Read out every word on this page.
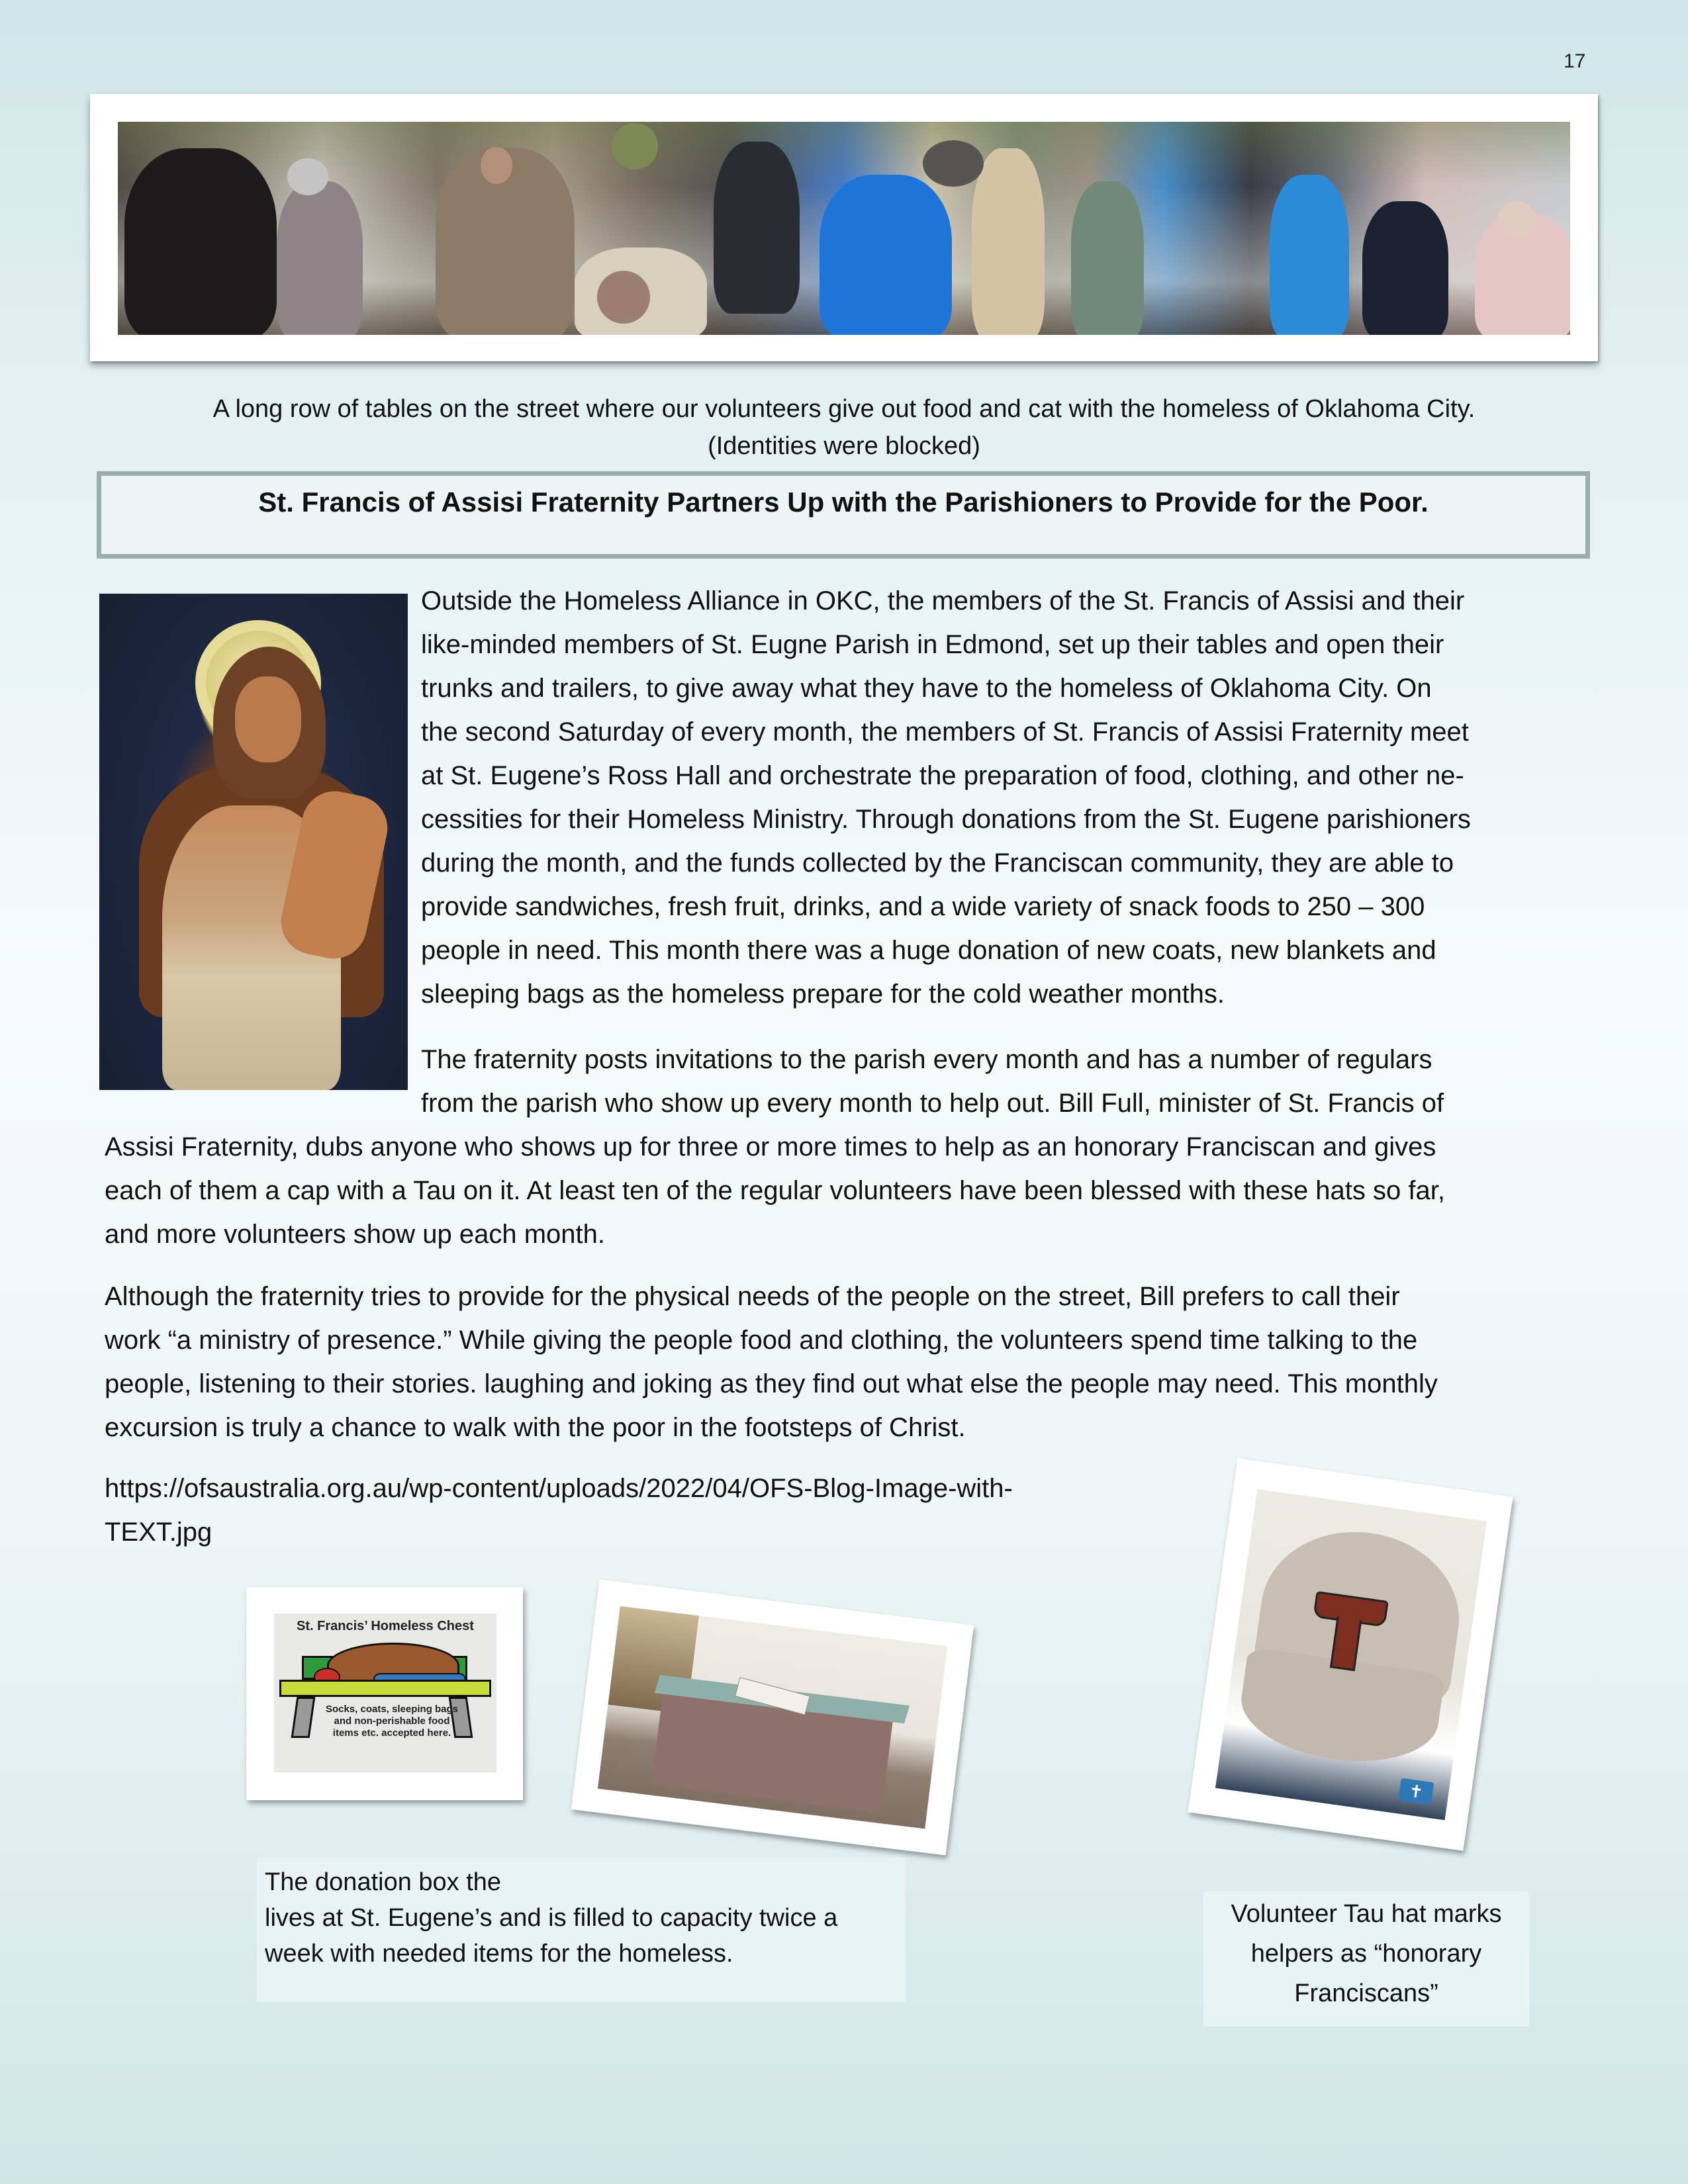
17
A long row of tables on the street where our volunteers give out food and cat with the homeless of Oklahoma City.
(Identities were blocked)
St. Francis of Assisi Fraternity Partners Up with the Parishioners to Provide for the Poor.
Outside the Homeless Alliance in OKC, the members of the St. Francis of Assisi and their
like-minded members of St. Eugne Parish in Edmond, set up their tables and open their
trunks and trailers, to give away what they have to the homeless of Oklahoma City. On
the second Saturday of every month, the members of St. Francis of Assisi Fraternity meet
at St. Eugene’s Ross Hall and orchestrate the preparation of food, clothing, and other ne-
cessities for their Homeless Ministry. Through donations from the St. Eugene parishioners
during the month, and the funds collected by the Franciscan community, they are able to
provide sandwiches, fresh fruit, drinks, and a wide variety of snack foods to 250 – 300
people in need. This month there was a huge donation of new coats, new blankets and
sleeping bags as the homeless prepare for the cold weather months.
The fraternity posts invitations to the parish every month and has a number of regulars
from the parish who show up every month to help out. Bill Full, minister of St. Francis of
Assisi Fraternity, dubs anyone who shows up for three or more times to help as an honorary Franciscan and gives
each of them a cap with a Tau on it. At least ten of the regular volunteers have been blessed with these hats so far,
and more volunteers show up each month.
Although the fraternity tries to provide for the physical needs of the people on the street, Bill prefers to call their
work “a ministry of presence.” While giving the people food and clothing, the volunteers spend time talking to the
people, listening to their stories. laughing and joking as they find out what else the people may need. This monthly
excursion is truly a chance to walk with the poor in the footsteps of Christ.
https://ofsaustralia.org.au/wp-content/uploads/2022/04/OFS-Blog-Image-with-
TEXT.jpg
St. Francis’ Homeless Chest
Socks, coats, sleeping bags
and non-perishable food
items etc. accepted here.
✝
The donation box the
lives at St. Eugene’s and is filled to capacity twice a
week with needed items for the homeless.
Volunteer Tau hat marks
helpers as “honorary
Franciscans”
